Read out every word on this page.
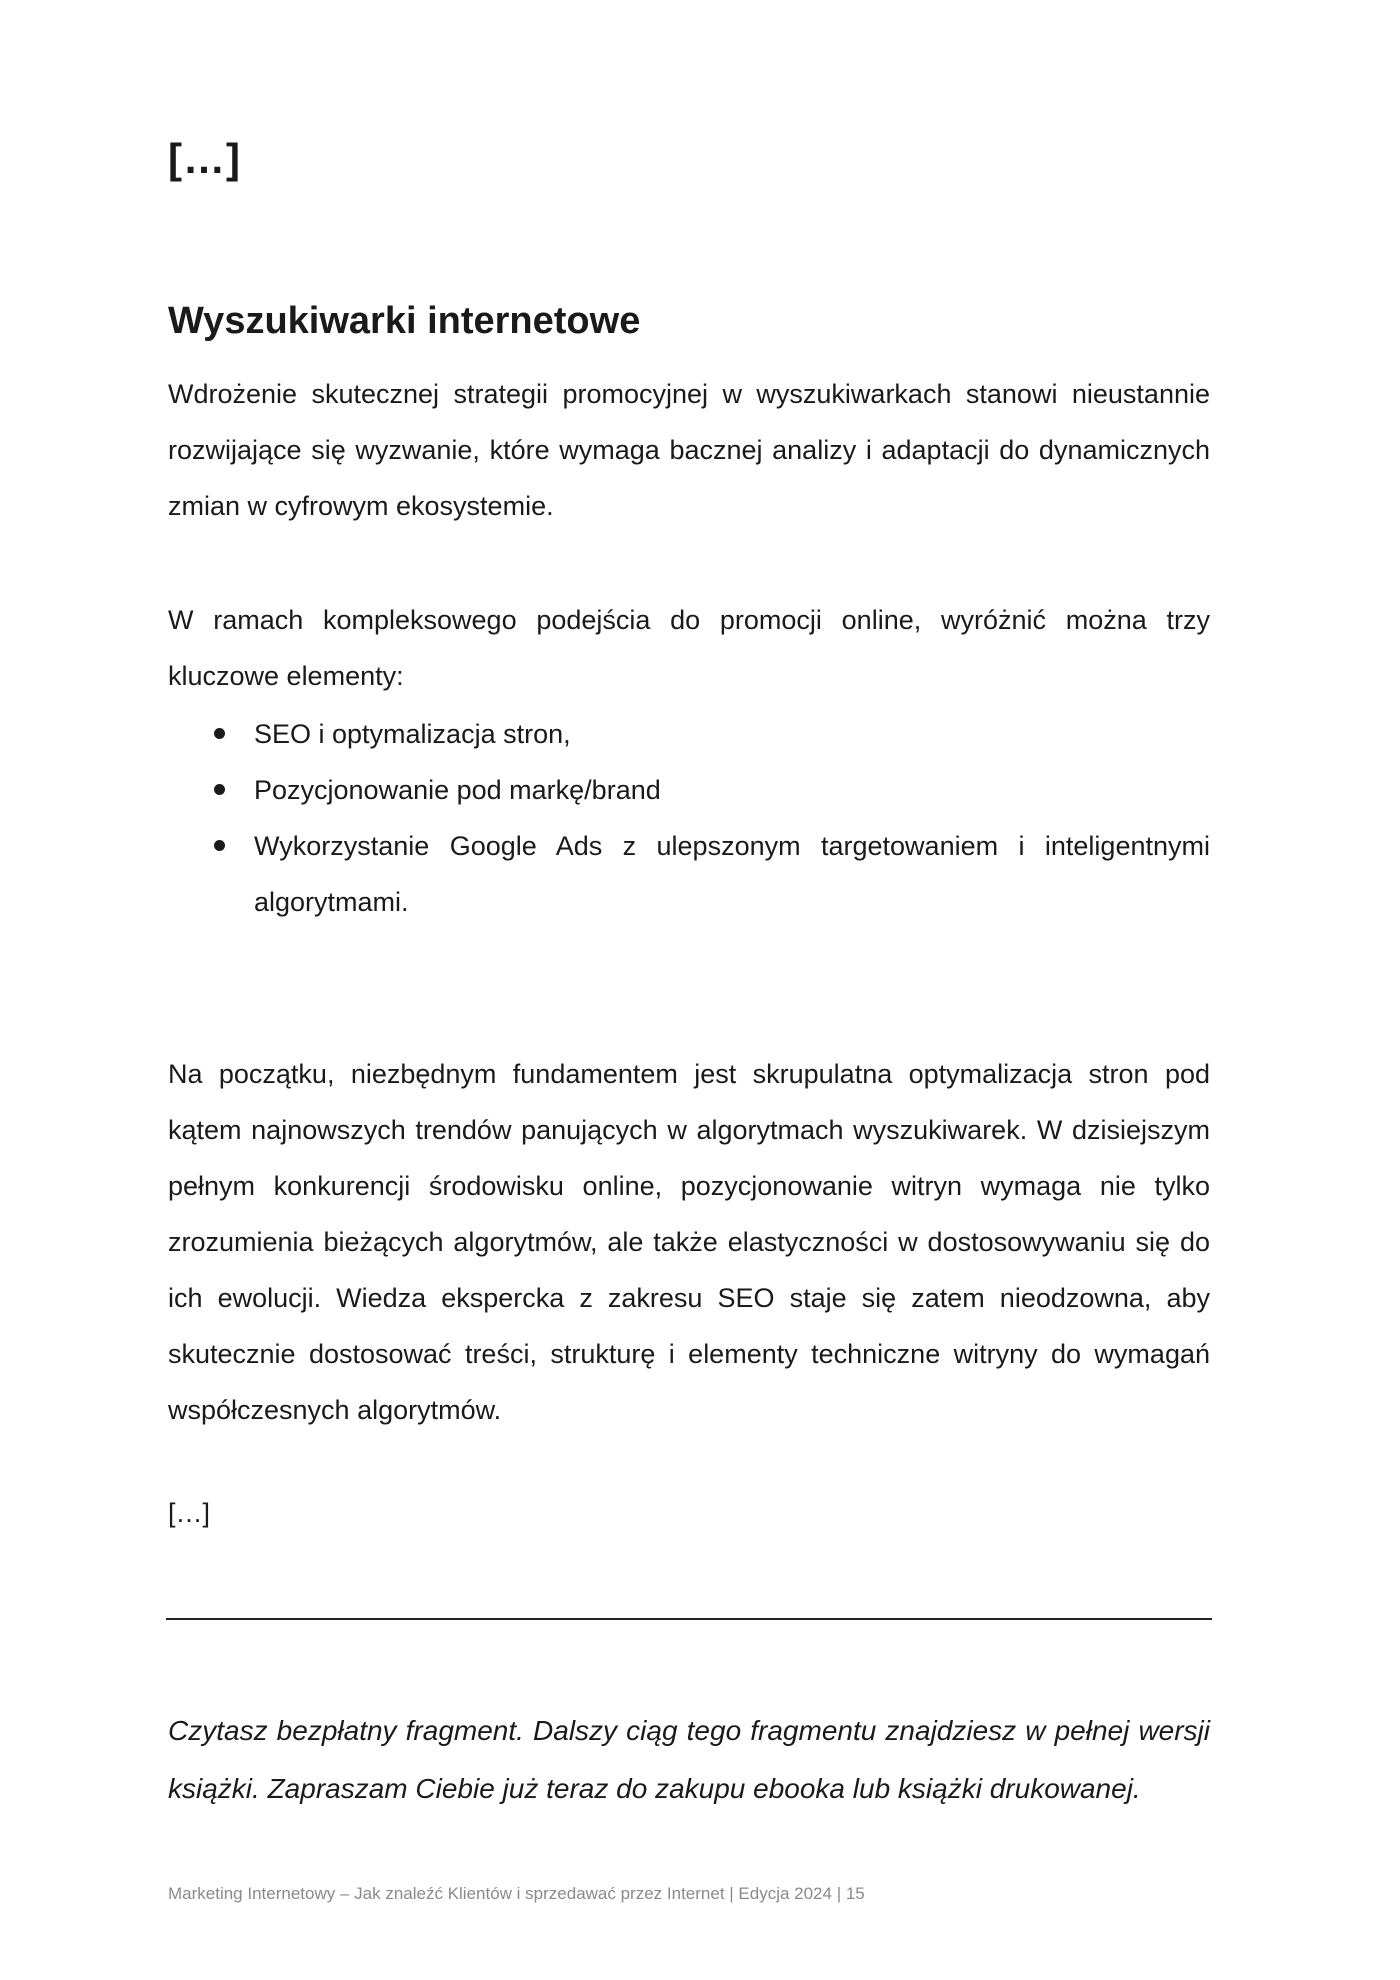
[…]
Wyszukiwarki internetowe

Wdrożenie skutecznej strategii promocyjnej w wyszukiwarkach stanowi nieustannie rozwijające się wyzwanie, które wymaga bacznej analizy i adaptacji do dynamicznych zmian w cyfrowym ekosystemie.

W ramach kompleksowego podejścia do promocji online, wyróżnić można trzy kluczowe elementy:

SEO i optymalizacja stron,
Pozycjonowanie pod markę/brand
Wykorzystanie Google Ads z ulepszonym targetowaniem i inteligentnymi algorytmami.

Na początku, niezbędnym fundamentem jest skrupulatna optymalizacja stron pod kątem najnowszych trendów panujących w algorytmach wyszukiwarek. W dzisiejszym pełnym konkurencji środowisku online, pozycjonowanie witryn wymaga nie tylko zrozumienia bieżących algorytmów, ale także elastyczności w dostosowywaniu się do ich ewolucji. Wiedza ekspercka z zakresu SEO staje się zatem nieodzowna, aby skutecznie dostosować treści, strukturę i elementy techniczne witryny do wymagań współczesnych algorytmów.

[…]

Czytasz bezpłatny fragment. Dalszy ciąg tego fragmentu znajdziesz w pełnej wersji książki. Zapraszam Ciebie już teraz do zakupu ebooka lub książki drukowanej.

Marketing Internetowy – Jak znaleźć Klientów i sprzedawać przez Internet | Edycja 2024 | 15
